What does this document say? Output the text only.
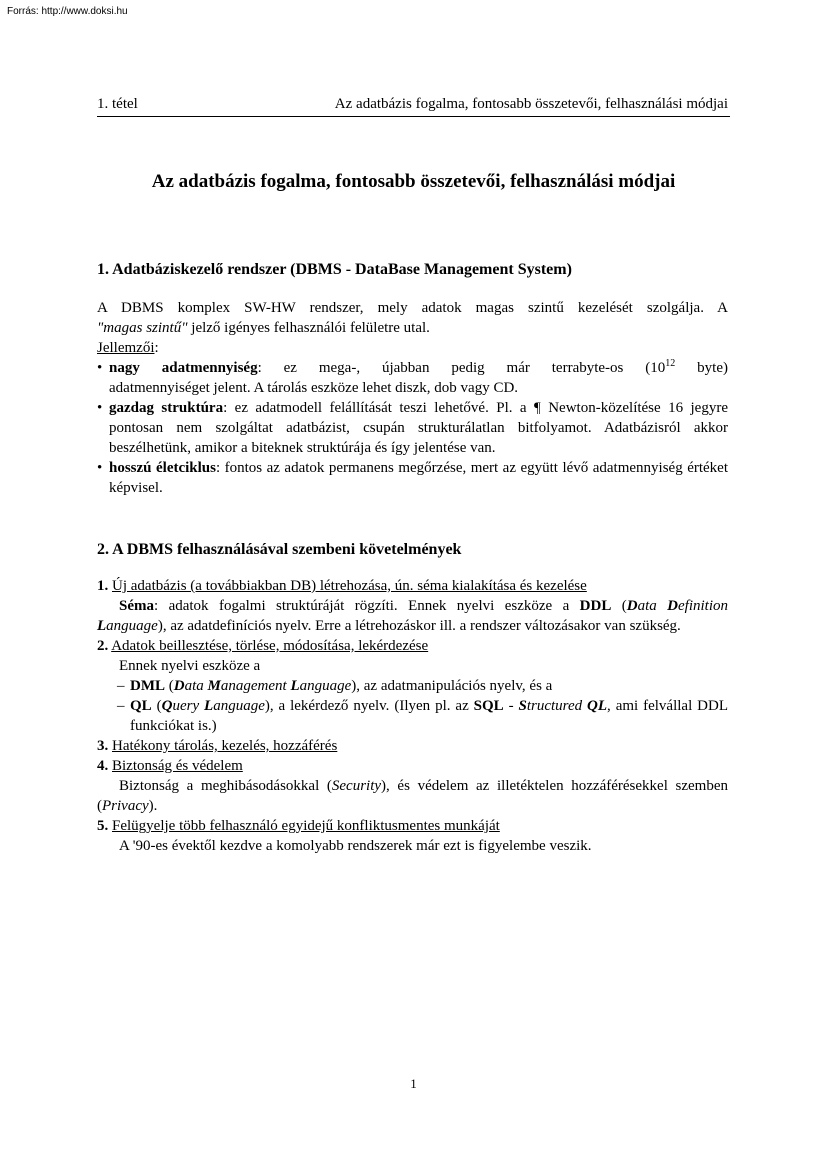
Forrás: http://www.doksi.hu
1. tétel	Az adatbázis fogalma, fontosabb összetevői, felhasználási módjai
Az adatbázis fogalma, fontosabb összetevői, felhasználási módjai
1. Adatbáziskezelő rendszer (DBMS - DataBase Management System)
A DBMS komplex SW-HW rendszer, mely adatok magas szintű kezelését szolgálja. A
"magas szintű" jelző igényes felhasználói felületre utal.
Jellemzői:
• nagy adatmennyiség: ez mega-, újabban pedig már terrabyte-os ($10^{12}$ byte)
adatmennyiséget jelent. A tárolás eszköze lehet diszk, dob vagy CD.
• gazdag struktúra: ez adatmodell felállítását teszi lehetővé. Pl. a ¶ Newton-közelítése 16 jegyre pontosan nem szolgáltat adatbázist, csupán strukturálatlan bitfolyamot. Adatbázisról akkor beszélhetünk, amikor a biteknek struktúrája és így jelentése van.
• hosszú életciklus: fontos az adatok permanens megőrzése, mert az együtt lévő adatmennyiség értéket képvisel.
2. A DBMS felhasználásával szembeni követelmények
1. Új adatbázis (a továbbiakban DB) létrehozása, ún. séma kialakítása és kezelése
Séma: adatok fogalmi struktúráját rögzíti. Ennek nyelvi eszköze a DDL (Data Definition Language), az adatdefiníciós nyelv. Erre a létrehozáskor ill. a rendszer változásakor van szükség.
2. Adatok beillesztése, törlése, módosítása, lekérdezése
Ennek nyelvi eszköze a
– DML (Data Management Language), az adatmanipulációs nyelv, és a
– QL (Query Language), a lekérdező nyelv. (Ilyen pl. az SQL - Structured QL, ami felvállal DDL funkciókat is.)
3. Hatékony tárolás, kezelés, hozzáférés
4. Biztonság és védelem
Biztonság a meghibásodásokkal (Security), és védelem az illetéktelen hozzáférésekkel szemben (Privacy).
5. Felügyelje több felhasználó egyidejű konfliktusmentes munkáját
A '90-es évektől kezdve a komolyabb rendszerek már ezt is figyelembe veszik.
1
